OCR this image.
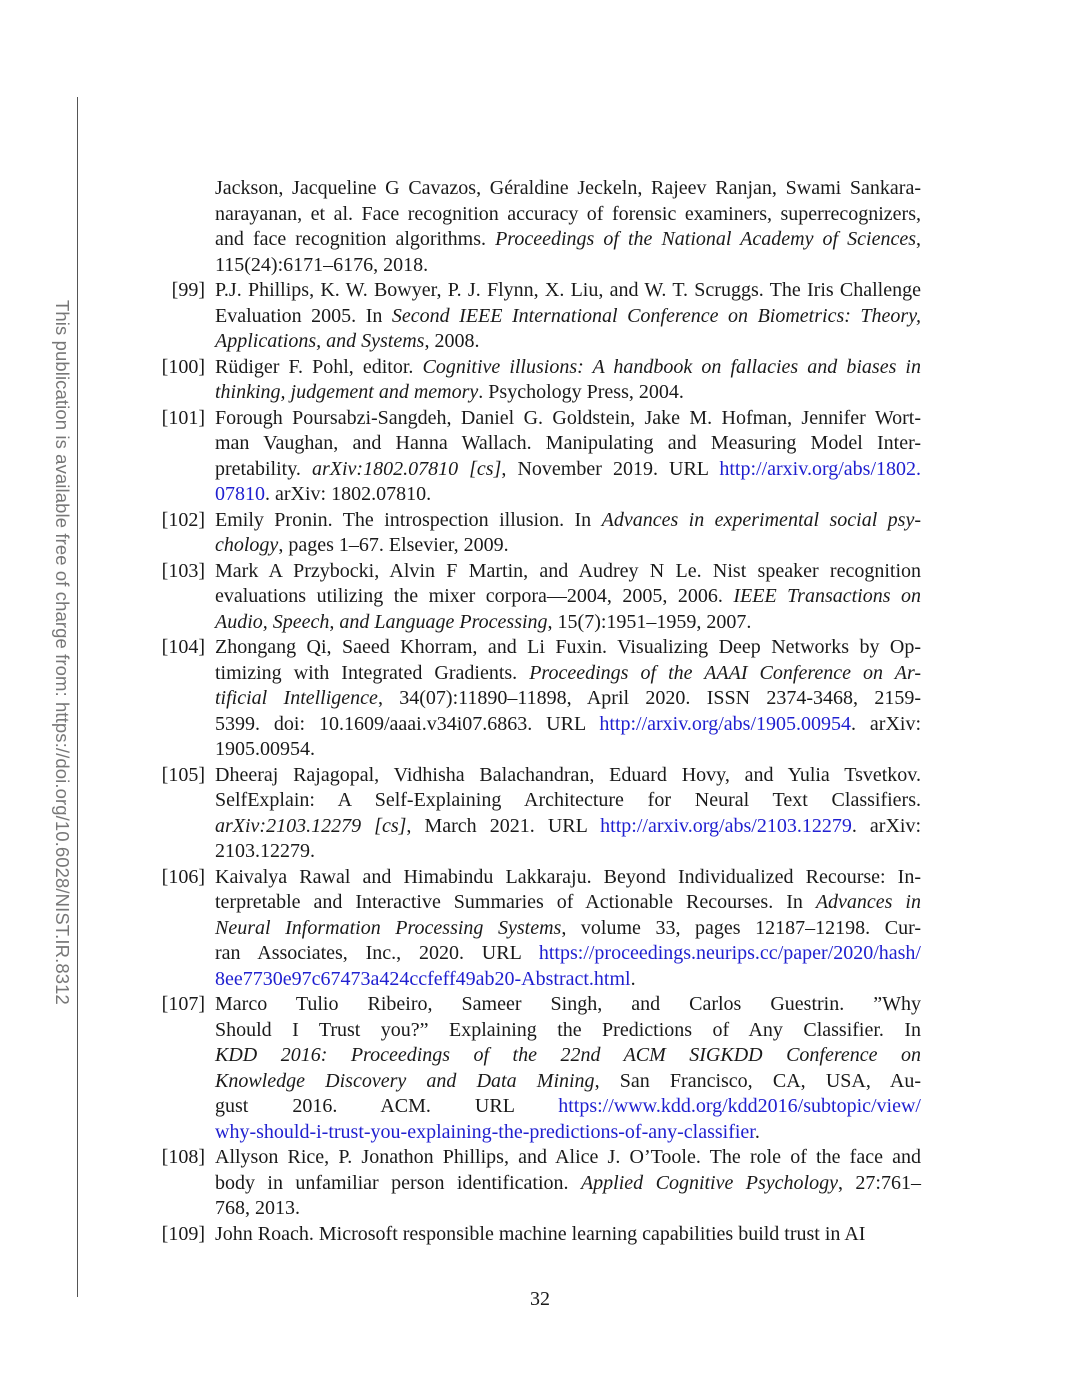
This publication is available free of charge from: https://doi.org/10.6028/NIST.IR.8312
Jackson, Jacqueline G Cavazos, Géraldine Jeckeln, Rajeev Ranjan, Swami Sankara-
narayanan, et al. Face recognition accuracy of forensic examiners, superrecognizers,
and face recognition algorithms. Proceedings of the National Academy of Sciences,
115(24):6171–6176, 2018.
[99] P.J. Phillips, K. W. Bowyer, P. J. Flynn, X. Liu, and W. T. Scruggs. The Iris Challenge
Evaluation 2005. In Second IEEE International Conference on Biometrics: Theory,
Applications, and Systems, 2008.
[100] Rüdiger F. Pohl, editor. Cognitive illusions: A handbook on fallacies and biases in
thinking, judgement and memory. Psychology Press, 2004.
[101] Forough Poursabzi-Sangdeh, Daniel G. Goldstein, Jake M. Hofman, Jennifer Wort-
man Vaughan, and Hanna Wallach. Manipulating and Measuring Model Inter-
pretability. arXiv:1802.07810 [cs], November 2019. URL http://arxiv.org/abs/1802.
07810. arXiv: 1802.07810.
[102] Emily Pronin. The introspection illusion. In Advances in experimental social psy-
chology, pages 1–67. Elsevier, 2009.
[103] Mark A Przybocki, Alvin F Martin, and Audrey N Le. Nist speaker recognition
evaluations utilizing the mixer corpora—2004, 2005, 2006. IEEE Transactions on
Audio, Speech, and Language Processing, 15(7):1951–1959, 2007.
[104] Zhongang Qi, Saeed Khorram, and Li Fuxin. Visualizing Deep Networks by Op-
timizing with Integrated Gradients. Proceedings of the AAAI Conference on Ar-
tificial Intelligence, 34(07):11890–11898, April 2020. ISSN 2374-3468, 2159-
5399. doi: 10.1609/aaai.v34i07.6863. URL http://arxiv.org/abs/1905.00954. arXiv:
1905.00954.
[105] Dheeraj Rajagopal, Vidhisha Balachandran, Eduard Hovy, and Yulia Tsvetkov.
SelfExplain: A Self-Explaining Architecture for Neural Text Classifiers.
arXiv:2103.12279 [cs], March 2021. URL http://arxiv.org/abs/2103.12279. arXiv:
2103.12279.
[106] Kaivalya Rawal and Himabindu Lakkaraju. Beyond Individualized Recourse: In-
terpretable and Interactive Summaries of Actionable Recourses. In Advances in
Neural Information Processing Systems, volume 33, pages 12187–12198. Cur-
ran Associates, Inc., 2020. URL https://proceedings.neurips.cc/paper/2020/hash/
8ee7730e97c67473a424ccfeff49ab20-Abstract.html.
[107] Marco Tulio Ribeiro, Sameer Singh, and Carlos Guestrin. ”Why
Should I Trust you?” Explaining the Predictions of Any Classifier. In
KDD 2016: Proceedings of the 22nd ACM SIGKDD Conference on
Knowledge Discovery and Data Mining, San Francisco, CA, USA, Au-
gust 2016. ACM. URL https://www.kdd.org/kdd2016/subtopic/view/
why-should-i-trust-you-explaining-the-predictions-of-any-classifier.
[108] Allyson Rice, P. Jonathon Phillips, and Alice J. O’Toole. The role of the face and
body in unfamiliar person identification. Applied Cognitive Psychology, 27:761–
768, 2013.
[109] John Roach. Microsoft responsible machine learning capabilities build trust in AI
32
